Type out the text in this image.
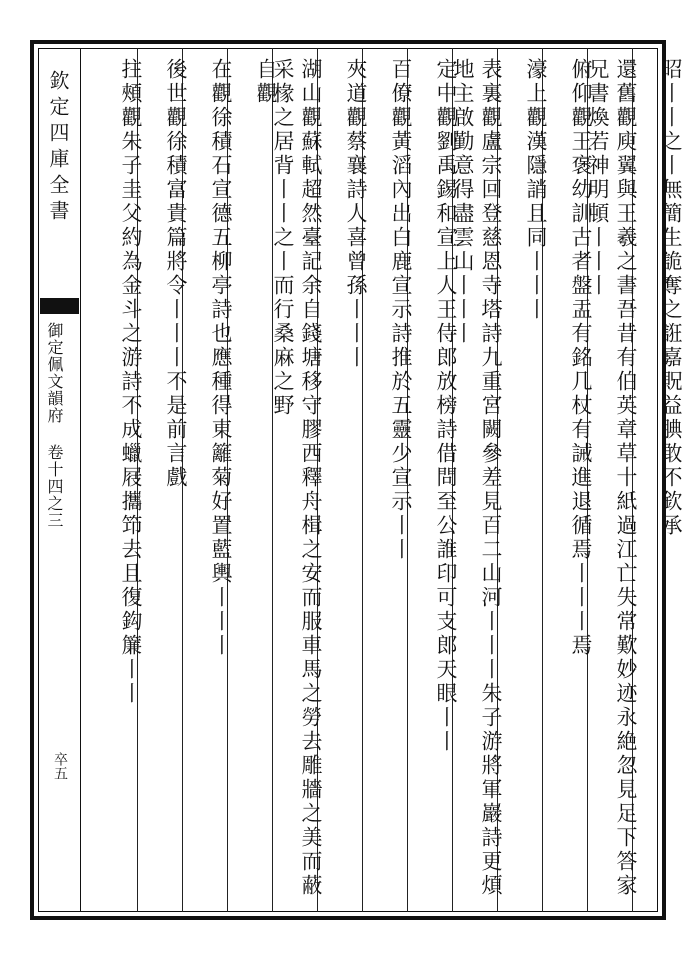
欽定四庫全書
御定佩文韻府 卷十四之三
卒五
昭丨丨之丨無簡生詭奪之誑嘉貺益腆敢不欽承
還舊觀庾翼與王羲之書吾昔有伯英章草十紙過江亡失常歎妙迹永絶忽見足下答家兄書煥若神明頓丨丨丨
俯仰觀王褒幼訓古者盤盂有銘几杖有誡進退循焉丨丨丨焉
濠上觀漢隱誚且同丨丨丨
表裏觀盧宗回登慈恩寺塔詩九重宮闕參差見百二山河丨丨丨朱子游將軍巖詩更煩地主啟勤意得盡雲山丨丨丨
定中觀劉禹錫和宣上人王侍郎放榜詩借問至公誰印可支郎天眼丨丨
百僚觀黃滔內出白鹿宣示詩推於五靈少宣示丨丨
夾道觀蔡襄詩人喜曾孫丨丨丨
湖山觀蘇軾超然臺記余自錢塘移守膠西釋舟楫之安而服車馬之勞去雕牆之美而蔽采椽之居背丨丨之丨而行桑麻之野
自觀
在觀徐積石宣德五柳亭詩也應種得東籬菊好置藍輿丨丨丨
後世觀徐積富貴篇將令丨丨丨不是前言戲
拄頰觀朱子圭父約為金斗之游詩不成蠟屐攜笻去且復鈎簾丨丨
